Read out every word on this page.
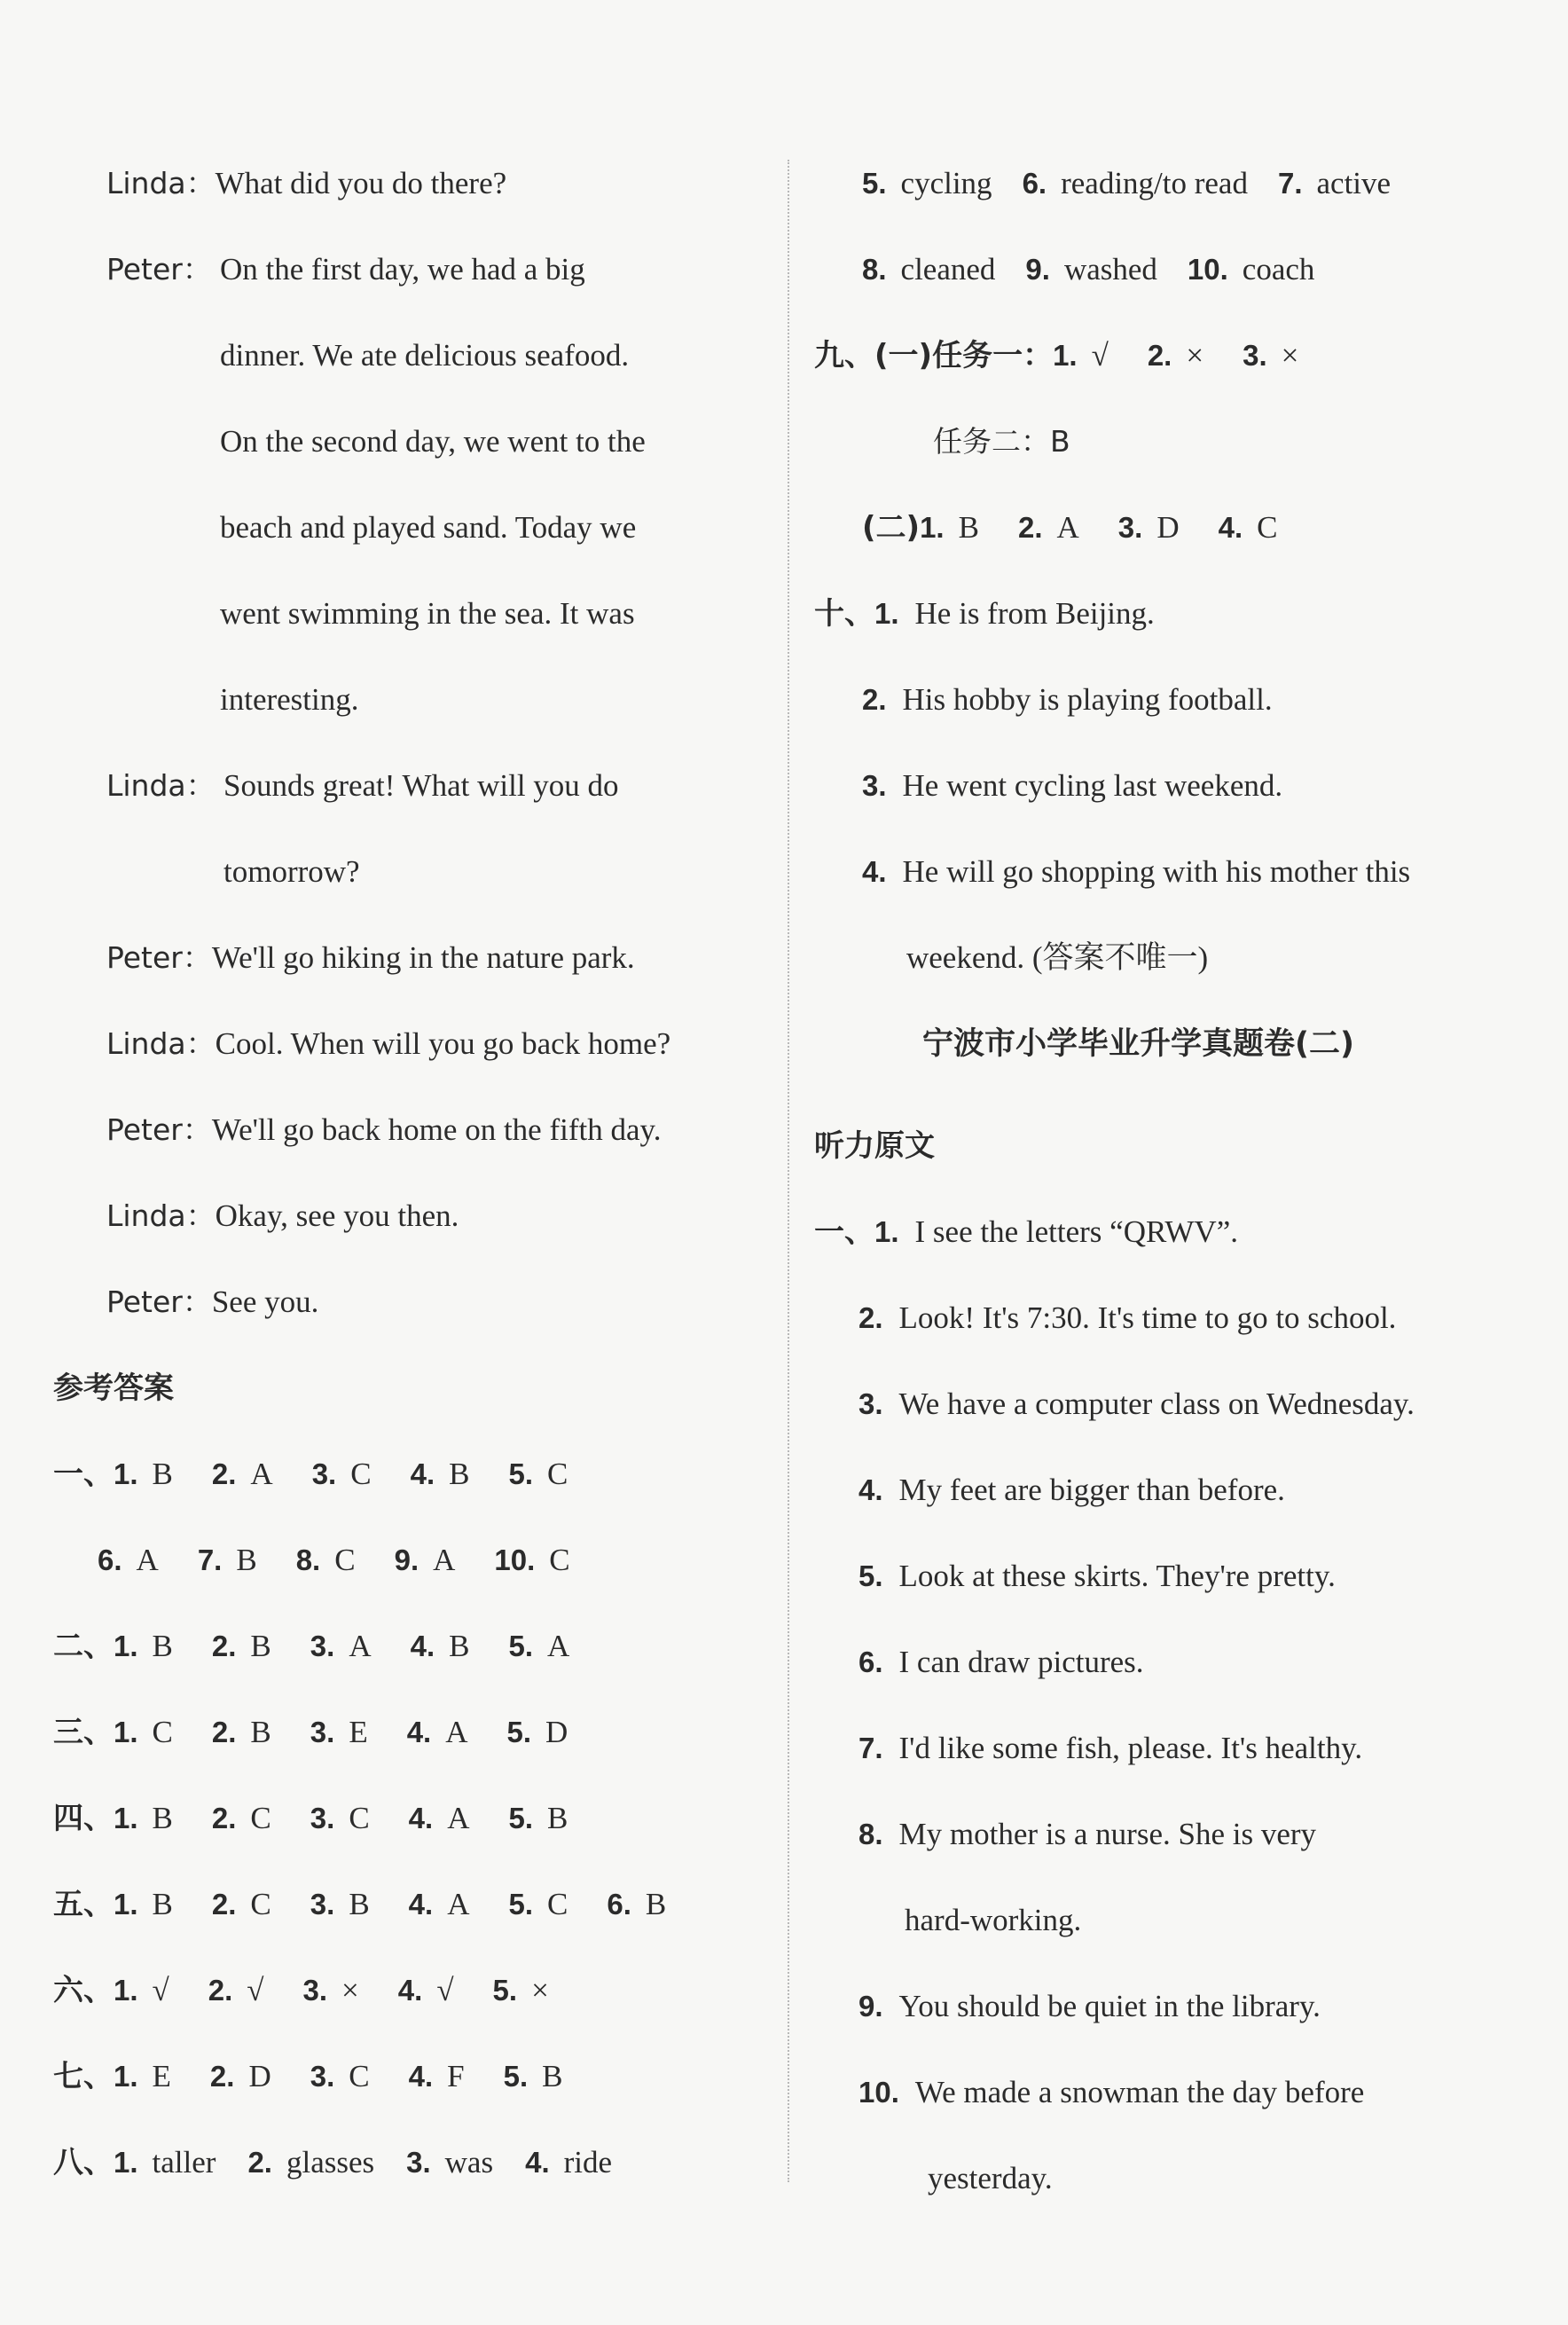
Linda：What did you do there?
Peter： On the first day, we had a big
dinner. We ate delicious seafood.
On the second day, we went to the
beach and played sand. Today we
went swimming in the sea. It was
interesting.
Linda： Sounds great! What will you do
tomorrow?
Peter：We'll go hiking in the nature park.
Linda：Cool. When will you go back home?
Peter：We'll go back home on the fifth day.
Linda：Okay, see you then.
Peter：See you.
参考答案
一、1. B 2. A 3. C 4. B 5. C
6. A 7. B 8. C 9. A 10. C
二、1. B 2. B 3. A 4. B 5. A
三、1. C 2. B 3. E 4. A 5. D
四、1. B 2. C 3. C 4. A 5. B
五、1. B 2. C 3. B 4. A 5. C 6. B
六、1. √ 2. √ 3. × 4. √ 5. ×
七、1. E 2. D 3. C 4. F 5. B
八、1. taller 2. glasses 3. was 4. ride
5. cycling 6. reading/to read 7. active
8. cleaned 9. washed 10. coach
九、(一)任务一：1. √ 2. × 3. ×
任务二：B
(二)1. B 2. A 3. D 4. C
十、1. He is from Beijing.
2. His hobby is playing football.
3. He went cycling last weekend.
4. He will go shopping with his mother this
weekend. (答案不唯一)
宁波市小学毕业升学真题卷(二)
听力原文
一、1. I see the letters “QRWV”.
2. Look! It's 7:30. It's time to go to school.
3. We have a computer class on Wednesday.
4. My feet are bigger than before.
5. Look at these skirts. They're pretty.
6. I can draw pictures.
7. I'd like some fish, please. It's healthy.
8. My mother is a nurse. She is very
hard-working.
9. You should be quiet in the library.
10. We made a snowman the day before
yesterday.
